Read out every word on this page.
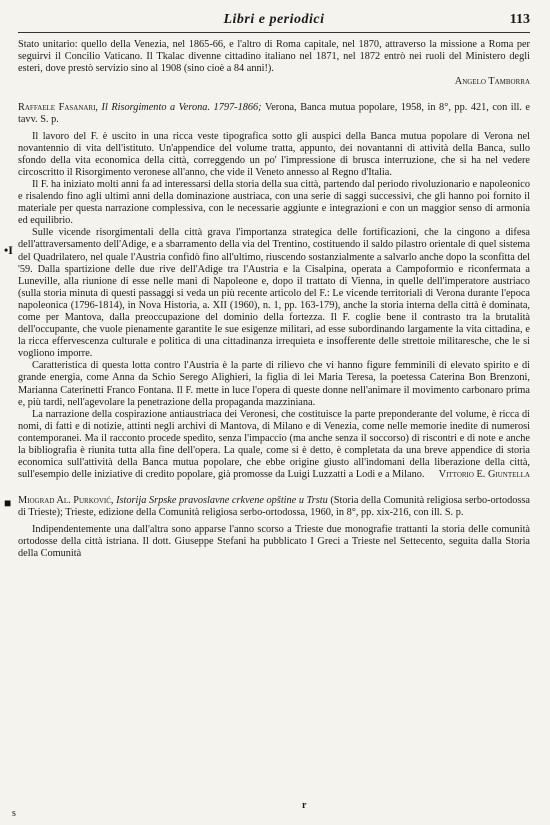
Libri e periodici	113

Stato unitario: quello della Venezia, nel 1865-66, e l'altro di Roma capitale, nel 1870, attraverso la missione a Roma per seguirvi il Concilio Vaticano. Il Tkalac divenne cittadino italiano nel 1871, nel 1872 entrò nei ruoli del Ministero degli esteri, dove prestò servizio sino al 1908 (sino cioè a 84 anni!).

Angelo Tamborra
Raffaele Fasanari, Il Risorgimento a Verona. 1797-1866; Verona, Banca mutua popolare, 1958, in 8°, pp. 421, con ill. e tavv. S. p.

Il lavoro del F. è uscito in una ricca veste tipografica sotto gli auspici della Banca mutua popolare di Verona nel novantennio di vita dell'istituto. Un'appendice del volume tratta, appunto, dei novantanni di attività della Banca, sullo sfondo della vita economica della città, correggendo un po' l'impressione di brusca interruzione, che si ha nel vedere circoscritto il Risorgimento veronese all'anno, che vide il Veneto annesso al Regno d'Italia.

Il F. ha iniziato molti anni fa ad interessarsi della storia della sua città, partendo dal periodo rivoluzionario e napoleonico e risalendo fino agli ultimi anni della dominazione austriaca, con una serie di saggi successivi, che gli hanno poi fornito il materiale per questa narrazione complessiva, con le necessarie aggiunte e integrazioni e con un maggior senso di armonia ed equilibrio.

Sulle vicende risorgimentali della città grava l'importanza strategica delle fortificazioni, che la cingono a difesa dell'attraversamento dell'Adige, e a sbarramento della via del Trentino, costituendo il saldo pilastro orientale di quel sistema del Quadrilatero, nel quale l'Austria confidò fino all'ultimo, riuscendo sostanzialmente a salvarlo anche dopo la sconfitta del '59. Dalla spartizione delle due rive dell'Adige tra l'Austria e la Cisalpina, operata a Campoformio e riconfermata a Luneville, alla riunione di esse nelle mani di Napoleone e, dopo il trattato di Vienna, in quelle dell'imperatore austriaco (sulla storia minuta di questi passaggi si veda un più recente articolo del F.: Le vicende territoriali di Verona durante l'epoca napoleonica (1796-1814), in Nova Historia, a. XII (1960), n. 1, pp. 163-179), anche la storia interna della città è dominata, come per Mantova, dalla preoccupazione del dominio della fortezza. Il F. coglie bene il contrasto tra la brutalità dell'occupante, che vuole pienamente garantite le sue esigenze militari, ad esse subordinando largamente la vita cittadina, e la ricca effervescenza culturale e politica di una cittadinanza irrequieta e insofferente delle strettoie militaresche, che le si vogliono imporre.

Caratteristica di questa lotta contro l'Austria è la parte di rilievo che vi hanno figure femminili di elevato spirito e di grande energia, come Anna da Schio Serego Alighieri, la figlia di lei Maria Teresa, la poetessa Caterina Bon Brenzoni, Marianna Caterinetti Franco Fontana. Il F. mette in luce l'opera di queste donne nell'animare il movimento carbonaro prima e, più tardi, nell'agevolare la penetrazione della propaganda mazziniana.

La narrazione della cospirazione antiaustriaca dei Veronesi, che costituisce la parte preponderante del volume, è ricca di nomi, di fatti e di notizie, attinti negli archivi di Mantova, di Milano e di Venezia, come nelle memorie inedite di numerosi contemporanei. Ma il racconto procede spedito, senza l'impaccio (ma anche senza il soccorso) di riscontri e di note e anche la bibliografia è riunita tutta alla fine dell'opera. La quale, come si è detto, è completata da una breve appendice di storia economica sull'attività della Banca mutua popolare, che ebbe origine giusto all'indomani della liberazione della città, sull'esempio delle iniziative di credito popolare, già promosse da Luigi Luzzatti a Lodi e a Milano.	Vittorio E. Giuntella
Miograd Al. Purković, Istorija Srpske pravoslavne crkvene opštine u Trstu (Storia della Comunità religiosa serbo-ortodossa di Trieste); Trieste, edizione della Comunità religiosa serbo-ortodossa, 1960, in 8°, pp. xix-216, con ill. S. p.

Indipendentemente una dall'altra sono apparse l'anno scorso a Trieste due monografie trattanti la storia delle comunità ortodosse della città istriana. Il dott. Giuseppe Stefani ha pubblicato I Greci a Trieste nel Settecento, seguita dalla Storia della Comunità

•I
■
r
s
